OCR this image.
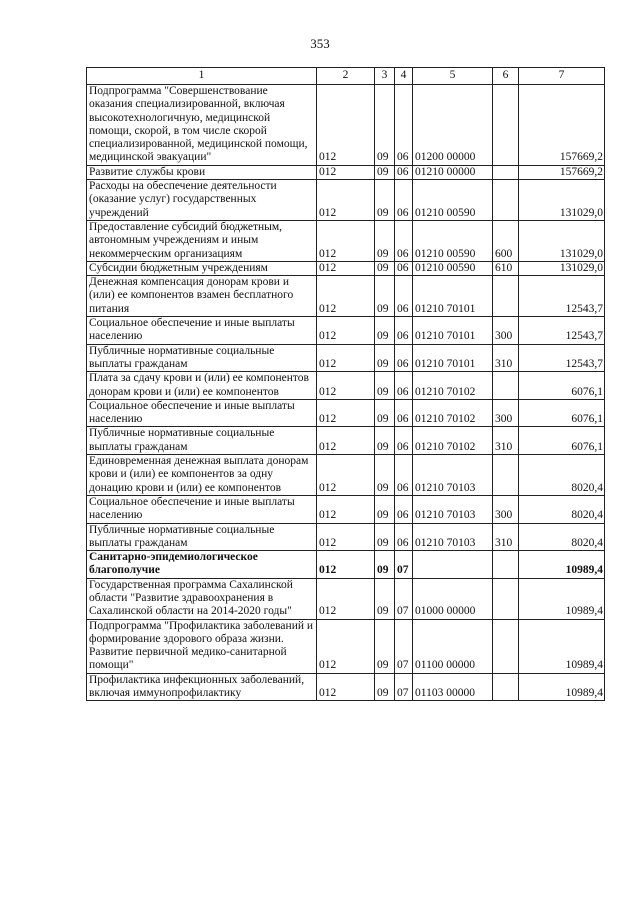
353
1	2	3	4	5	6	7
Подпрограмма "Совершенствование оказания специализированной, включая высокотехнологичную, медицинской помощи, скорой, в том числе скорой специализированной, медицинской помощи, медицинской эвакуации"	012	09	06	01200 00000		157669,2
Развитие службы крови	012	09	06	01210 00000		157669,2
Расходы на обеспечение деятельности (оказание услуг) государственных учреждений	012	09	06	01210 00590		131029,0
Предоставление субсидий бюджетным, автономным учреждениям и иным некоммерческим организациям	012	09	06	01210 00590	600	131029,0
Субсидии бюджетным учреждениям	012	09	06	01210 00590	610	131029,0
Денежная компенсация донорам крови и (или) ее компонентов взамен бесплатного питания	012	09	06	01210 70101		12543,7
Социальное обеспечение и иные выплаты населению	012	09	06	01210 70101	300	12543,7
Публичные нормативные социальные выплаты гражданам	012	09	06	01210 70101	310	12543,7
Плата за сдачу крови и (или) ее компонентов донорам крови и (или) ее компонентов	012	09	06	01210 70102		6076,1
Социальное обеспечение и иные выплаты населению	012	09	06	01210 70102	300	6076,1
Публичные нормативные социальные выплаты гражданам	012	09	06	01210 70102	310	6076,1
Единовременная денежная выплата донорам крови и (или) ее компонентов за одну донацию крови и (или) ее компонентов	012	09	06	01210 70103		8020,4
Социальное обеспечение и иные выплаты населению	012	09	06	01210 70103	300	8020,4
Публичные нормативные социальные выплаты гражданам	012	09	06	01210 70103	310	8020,4
Санитарно-эпидемиологическое благополучие	012	09	07			10989,4
Государственная программа Сахалинской области "Развитие здравоохранения в Сахалинской области на 2014-2020 годы"	012	09	07	01000 00000		10989,4
Подпрограмма "Профилактика заболеваний и формирование здорового образа жизни. Развитие первичной медико-санитарной помощи"	012	09	07	01100 00000		10989,4
Профилактика инфекционных заболеваний, включая иммунопрофилактику	012	09	07	01103 00000		10989,4
